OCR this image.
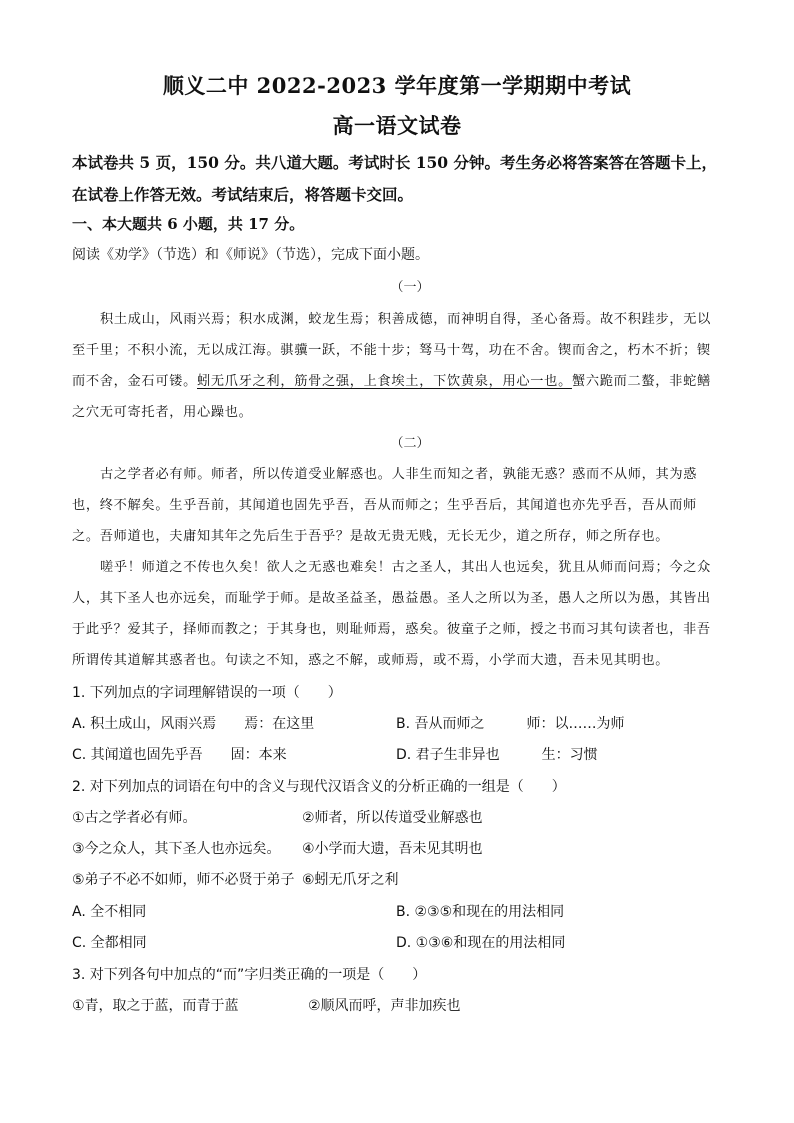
顺义二中 2022-2023 学年度第一学期期中考试
高一语文试卷
本试卷共 5 页，150 分。共八道大题。考试时长 150 分钟。考生务必将答案答在答题卡上，
在试卷上作答无效。考试结束后，将答题卡交回。
一、本大题共 6 小题，共 17 分。
阅读《劝学》（节选）和《师说》（节选），完成下面小题。
（一）
积土成山，风雨兴焉；积水成渊，蛟龙生焉；积善成德，而神明自得，圣心备焉。故不积跬步，无以
至千里；不积小流，无以成江海。骐骥一跃，不能十步；驽马十驾，功在不舍。锲而舍之，朽木不折；锲
而不舍，金石可镂。蚓无爪牙之利，筋骨之强，上食埃土，下饮黄泉，用心一也。蟹六跪而二螯，非蛇鳝
之穴无可寄托者，用心躁也。
（二）
古之学者必有师。师者，所以传道受业解惑也。人非生而知之者，孰能无惑？惑而不从师，其为惑
也，终不解矣。生乎吾前，其闻道也固先乎吾，吾从而师之；生乎吾后，其闻道也亦先乎吾，吾从而师
之。吾师道也，夫庸知其年之先后生于吾乎？是故无贵无贱，无长无少，道之所存，师之所存也。
嗟乎！师道之不传也久矣！欲人之无惑也难矣！古之圣人，其出人也远矣，犹且从师而问焉；今之众
人，其下圣人也亦远矣，而耻学于师。是故圣益圣，愚益愚。圣人之所以为圣，愚人之所以为愚，其皆出
于此乎？爱其子，择师而教之；于其身也，则耻师焉，惑矣。彼童子之师，授之书而习其句读者也，非吾
所谓传其道解其惑者也。句读之不知，惑之不解，或师焉，或不焉，小学而大遗，吾未见其明也。
1. 下列加点的字词理解错误的一项（　　）
A. 积土成山，风雨兴焉　　焉：在这里	B. 吾从而师之　　　师：以……为师
C. 其闻道也固先乎吾　　固：本来	D. 君子生非异也　　　生：习惯
2. 对下列加点的词语在句中的含义与现代汉语含义的分析正确的一组是（　　）
①古之学者必有师。	②师者，所以传道受业解惑也
③今之众人，其下圣人也亦远矣。 ④小学而大遗，吾未见其明也
⑤弟子不必不如师，师不必贤于弟子 ⑥蚓无爪牙之利
A. 全不相同	B. ②③⑤和现在的用法相同
C. 全都相同	D. ①③⑥和现在的用法相同
3. 对下列各句中加点的“而”字归类正确的一项是（　　）
①青，取之于蓝，而青于蓝	②顺风而呼，声非加疾也
